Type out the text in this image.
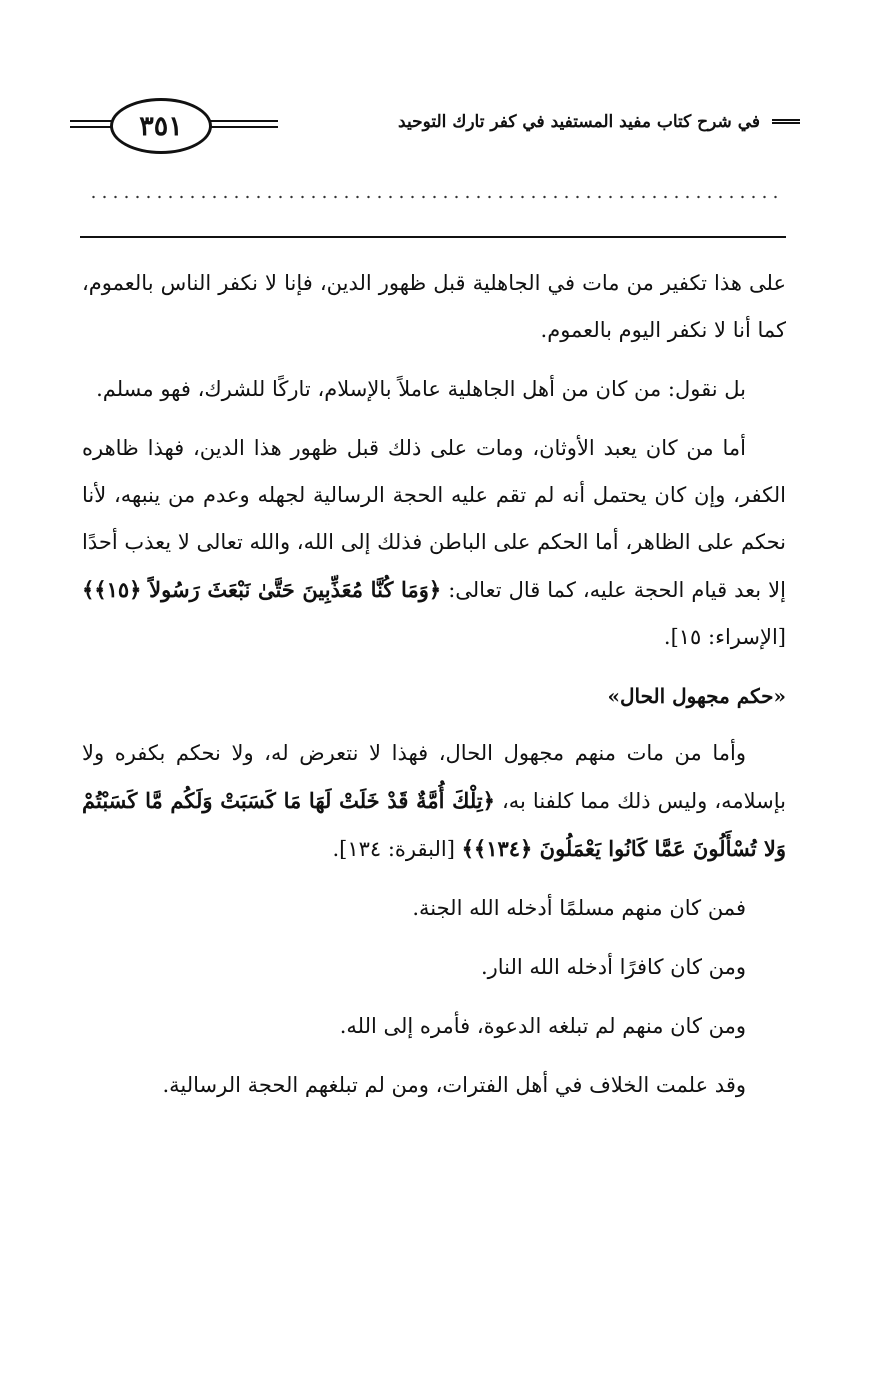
٣٥١	في شرح كتاب مفيد المستفيد في كفر تارك التوحيد

على هذا تكفير من مات في الجاهلية قبل ظهور الدين، فإنا لا نكفر الناس بالعموم، كما أنا لا نكفر اليوم بالعموم.

بل نقول: من كان من أهل الجاهلية عاملاً بالإسلام، تاركًا للشرك، فهو مسلم.

أما من كان يعبد الأوثان، ومات على ذلك قبل ظهور هذا الدين، فهذا ظاهره الكفر، وإن كان يحتمل أنه لم تقم عليه الحجة الرسالية لجهله وعدم من ينبهه، لأنا نحكم على الظاهر، أما الحكم على الباطن فذلك إلى الله، والله تعالى لا يعذب أحدًا إلا بعد قيام الحجة عليه، كما قال تعالى: ﴿وَمَا كُنَّا مُعَذِّبِينَ حَتَّىٰ نَبْعَثَ رَسُولاً ﴿١٥﴾﴾ [الإسراء: ١٥].

«حكم مجهول الحال»

وأما من مات منهم مجهول الحال، فهذا لا نتعرض له، ولا نحكم بكفره ولا بإسلامه، وليس ذلك مما كلفنا به، ﴿تِلْكَ أُمَّةٌ قَدْ خَلَتْ لَهَا مَا كَسَبَتْ وَلَكُم مَّا كَسَبْتُمْ وَلا تُسْأَلُونَ عَمَّا كَانُوا يَعْمَلُونَ ﴿١٣٤﴾﴾ [البقرة: ١٣٤].

فمن كان منهم مسلمًا أدخله الله الجنة.

ومن كان كافرًا أدخله الله النار.

ومن كان منهم لم تبلغه الدعوة، فأمره إلى الله.

وقد علمت الخلاف في أهل الفترات، ومن لم تبلغهم الحجة الرسالية.
